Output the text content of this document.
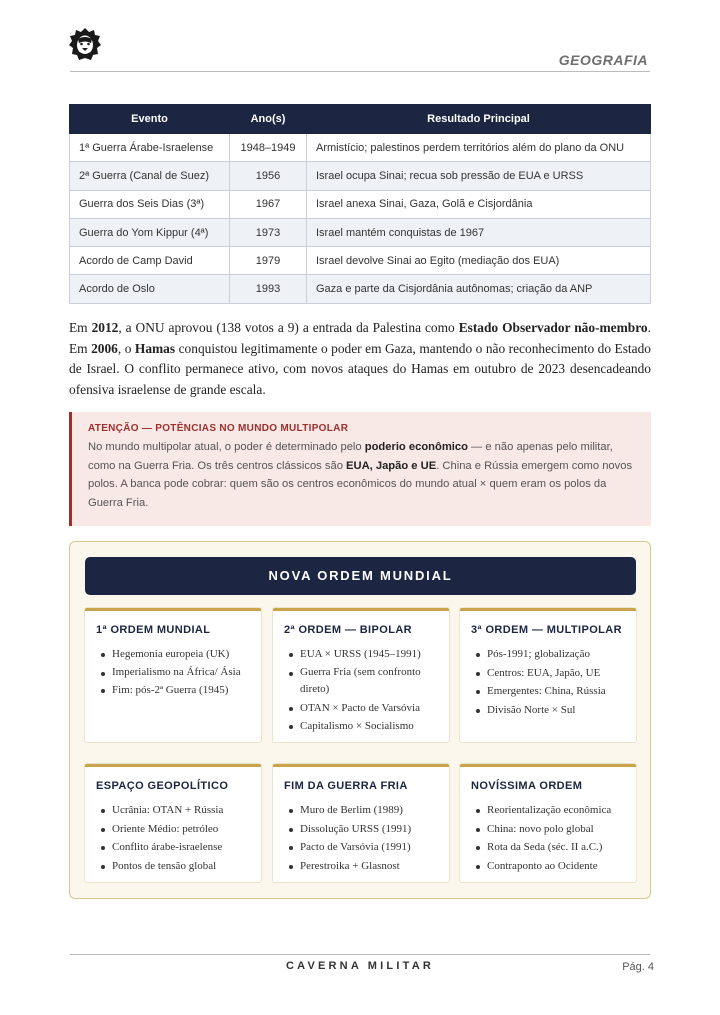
GEOGRAFIA
Evento	Ano(s)	Resultado Principal
1ª Guerra Árabe-Israelense	1948–1949	Armistício; palestinos perdem territórios além do plano da ONU
2ª Guerra (Canal de Suez)	1956	Israel ocupa Sinai; recua sob pressão de EUA e URSS
Guerra dos Seis Dias (3ª)	1967	Israel anexa Sinai, Gaza, Golã e Cisjordânia
Guerra do Yom Kippur (4ª)	1973	Israel mantém conquistas de 1967
Acordo de Camp David	1979	Israel devolve Sinai ao Egito (mediação dos EUA)
Acordo de Oslo	1993	Gaza e parte da Cisjordânia autônomas; criação da ANP

Em 2012, a ONU aprovou (138 votos a 9) a entrada da Palestina como Estado Observador não-membro. Em 2006, o Hamas conquistou legitimamente o poder em Gaza, mantendo o não reconhecimento do Estado de Israel. O conflito permanece ativo, com novos ataques do Hamas em outubro de 2023 desencadeando ofensiva israelense de grande escala.

ATENÇÃO — POTÊNCIAS NO MUNDO MULTIPOLAR

No mundo multipolar atual, o poder é determinado pelo poderio econômico — e não apenas pelo militar, como na Guerra Fria. Os três centros clássicos são EUA, Japão e UE. China e Rússia emergem como novos polos. A banca pode cobrar: quem são os centros econômicos do mundo atual × quem eram os polos da Guerra Fria.

NOVA ORDEM MUNDIAL
1ª ORDEM MUNDIAL
Hegemonia europeia (UK)
Imperialismo na África/ Ásia
Fim: pós-2ª Guerra (1945)
2ª ORDEM — BIPOLAR
EUA × URSS (1945–1991)
Guerra Fria (sem confronto direto)
OTAN × Pacto de Varsóvia
Capitalismo × Socialismo
3ª ORDEM — MULTIPOLAR
Pós-1991; globalização
Centros: EUA, Japão, UE
Emergentes: China, Rússia
Divisão Norte × Sul
ESPAÇO GEOPOLÍTICO
Ucrânia: OTAN + Rússia
Oriente Médio: petróleo
Conflito árabe-israelense
Pontos de tensão global
FIM DA GUERRA FRIA
Muro de Berlim (1989)
Dissolução URSS (1991)
Pacto de Varsóvia (1991)
Perestroika + Glasnost
NOVÍSSIMA ORDEM
Reorientalização econômica
China: novo polo global
Rota da Seda (séc. II a.C.)
Contraponto ao Ocidente
CAVERNA MILITAR	Pág. 4
